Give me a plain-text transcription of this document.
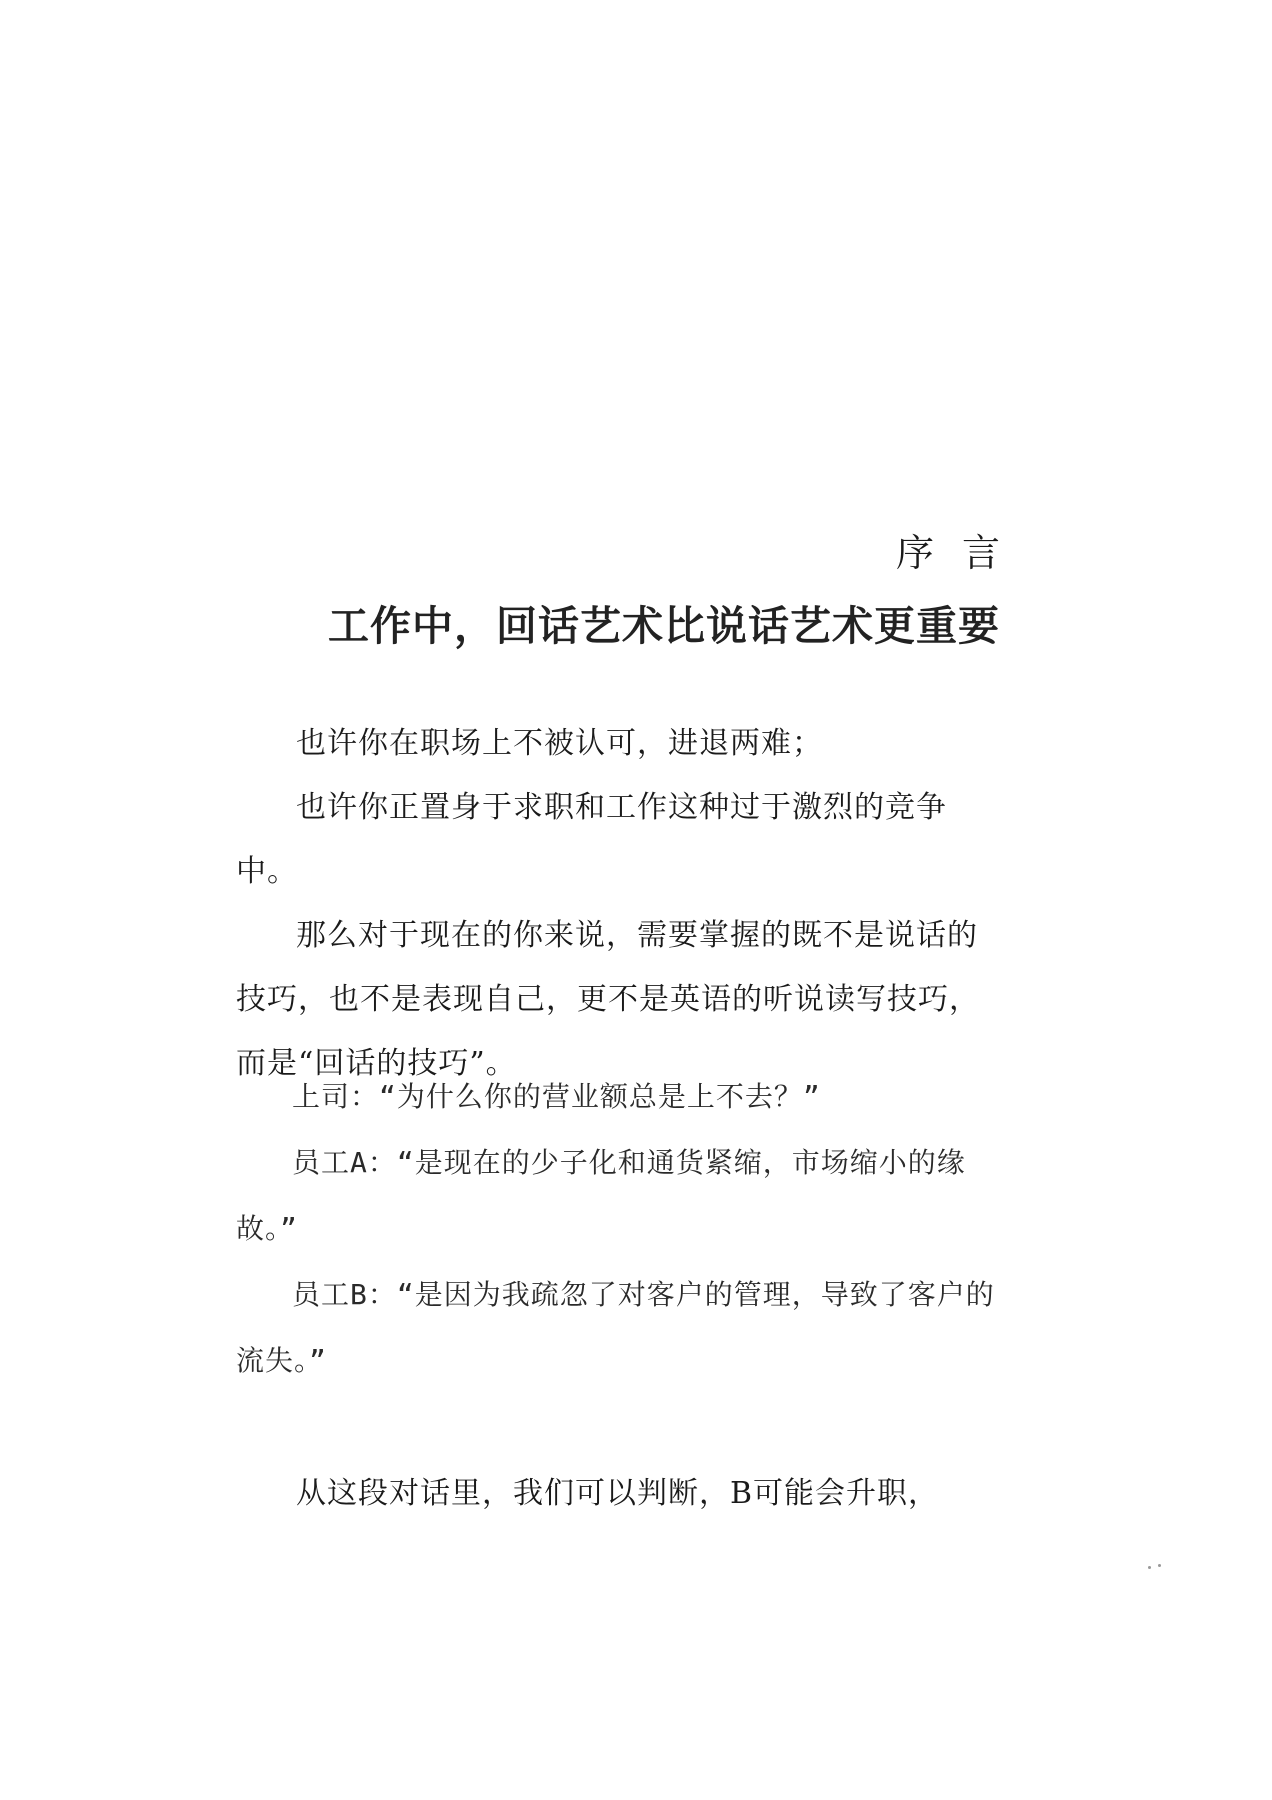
序言
工作中，回话艺术比说话艺术更重要

也许你在职场上不被认可，进退两难；

也许你正置身于求职和工作这种过于激烈的竞争中。

那么对于现在的你来说，需要掌握的既不是说话的技巧，也不是表现自己，更不是英语的听说读写技巧，而是“回话的技巧”。

上司：“为什么你的营业额总是上不去？”

员工A：“是现在的少子化和通货紧缩，市场缩小的缘故。”

员工B：“是因为我疏忽了对客户的管理，导致了客户的流失。”

从这段对话里，我们可以判断，B可能会升职，
